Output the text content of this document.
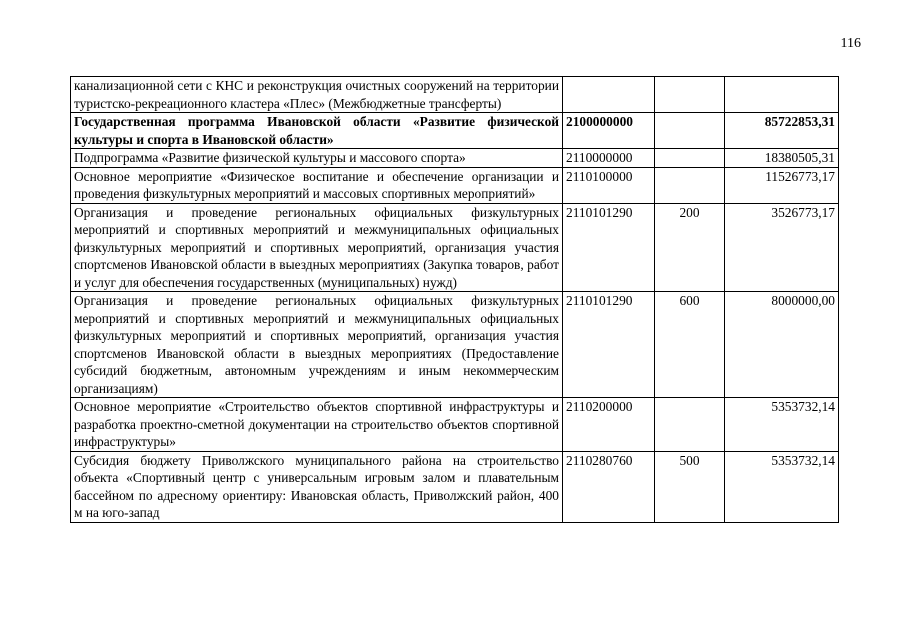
116
канализационной сети с КНС и реконструкция очистных сооружений на территории туристско-рекреационного кластера «Плес» (Межбюджетные трансферты)			
Государственная программа Ивановской области «Развитие физической культуры и спорта в Ивановской области»	2100000000		85722853,31
Подпрограмма «Развитие физической культуры и массового спорта»	2110000000		18380505,31
Основное мероприятие «Физическое воспитание и обеспечение организации и проведения физкультурных мероприятий и массовых спортивных мероприятий»	2110100000		11526773,17
Организация и проведение региональных официальных физкультурных мероприятий и спортивных мероприятий и межмуниципальных официальных физкультурных мероприятий и спортивных мероприятий, организация участия спортсменов Ивановской области в выездных мероприятиях (Закупка товаров, работ и услуг для обеспечения государственных (муниципальных) нужд)	2110101290	200	3526773,17
Организация и проведение региональных официальных физкультурных мероприятий и спортивных мероприятий и межмуниципальных официальных физкультурных мероприятий и спортивных мероприятий, организация участия спортсменов Ивановской области в выездных мероприятиях (Предоставление субсидий бюджетным, автономным учреждениям и иным некоммерческим организациям)	2110101290	600	8000000,00
Основное мероприятие «Строительство объектов спортивной инфраструктуры и разработка проектно-сметной документации на строительство объектов спортивной инфраструктуры»	2110200000		5353732,14
Субсидия бюджету Приволжского муниципального района на строительство объекта «Спортивный центр с универсальным игровым залом и плавательным бассейном по адресному ориентиру: Ивановская область, Приволжский район, 400 м на юго-запад	2110280760	500	5353732,14
